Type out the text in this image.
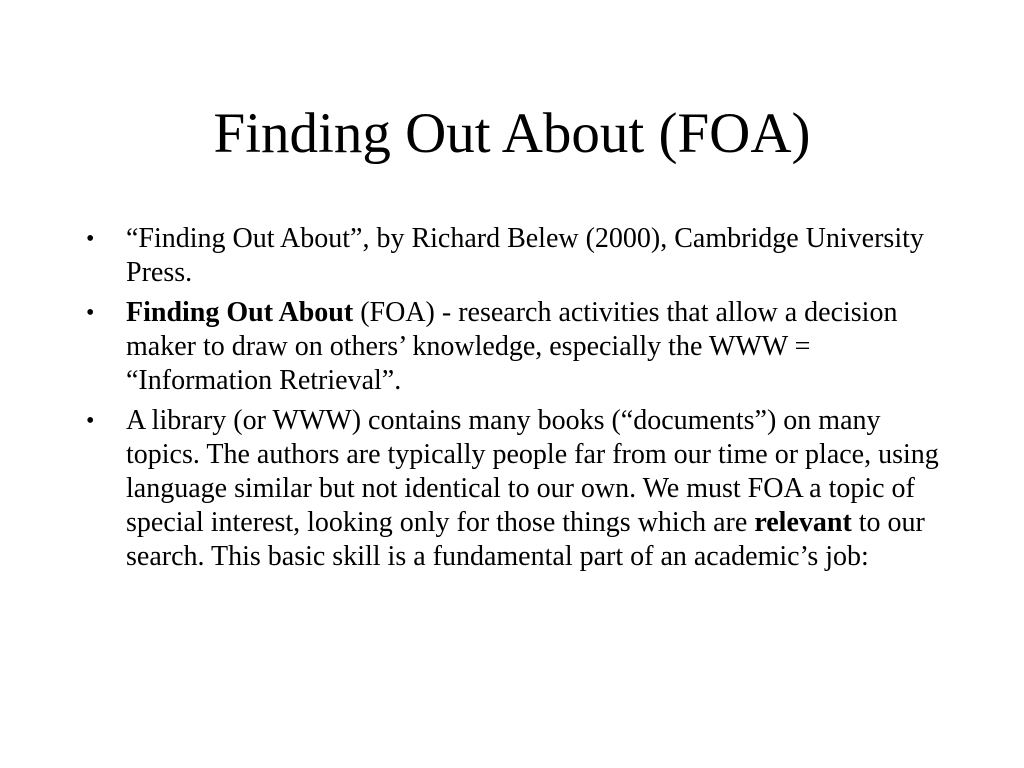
Finding Out About (FOA)
• “Finding Out About”, by Richard Belew (2000), Cambridge University Press.
• Finding Out About (FOA) - research activities that allow a decision maker to draw on others’ knowledge, especially the WWW = “Information Retrieval”.
• A library (or WWW) contains many books (“documents”) on many topics. The authors are typically people far from our time or place, using language similar but not identical to our own. We must FOA a topic of special interest, looking only for those things which are relevant to our search. This basic skill is a fundamental part of an academic’s job:
